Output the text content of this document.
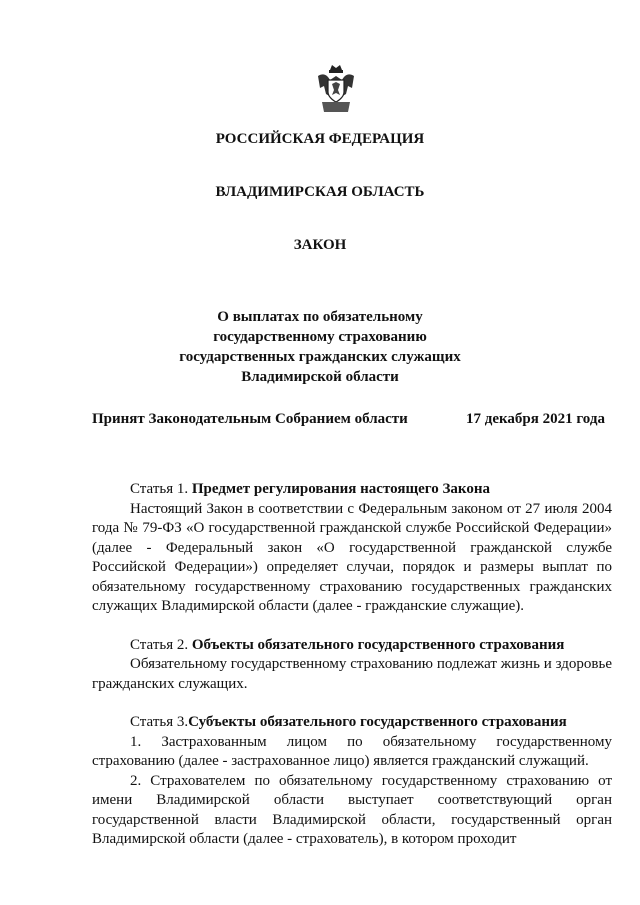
РОССИЙСКАЯ ФЕДЕРАЦИЯ
ВЛАДИМИРСКАЯ ОБЛАСТЬ
ЗАКОН
О выплатах по обязательному
государственному страхованию
государственных гражданских служащих
Владимирской области
Принят Законодательным Собранием области	17 декабря 2021 года
Статья 1. Предмет регулирования настоящего Закона

Настоящий Закон в соответствии с Федеральным законом от 27 июля 2004 года № 79-ФЗ «О государственной гражданской службе Российской Федерации» (далее - Федеральный закон «О государственной гражданской службе Российской Федерации») определяет случаи, порядок и размеры выплат по обязательному государственному страхованию государственных гражданских служащих Владимирской области (далее - гражданские служащие).

Статья 2. Объекты обязательного государственного страхования

Обязательному государственному страхованию подлежат жизнь и здоровье гражданских служащих.

Статья 3.Субъекты обязательного государственного страхования

1. Застрахованным лицом по обязательному государственному страхованию (далее - застрахованное лицо) является гражданский служащий.

2. Страхователем по обязательному государственному страхованию от имени Владимирской области выступает соответствующий орган государственной власти Владимирской области, государственный орган Владимирской области (далее - страхователь), в котором проходит
